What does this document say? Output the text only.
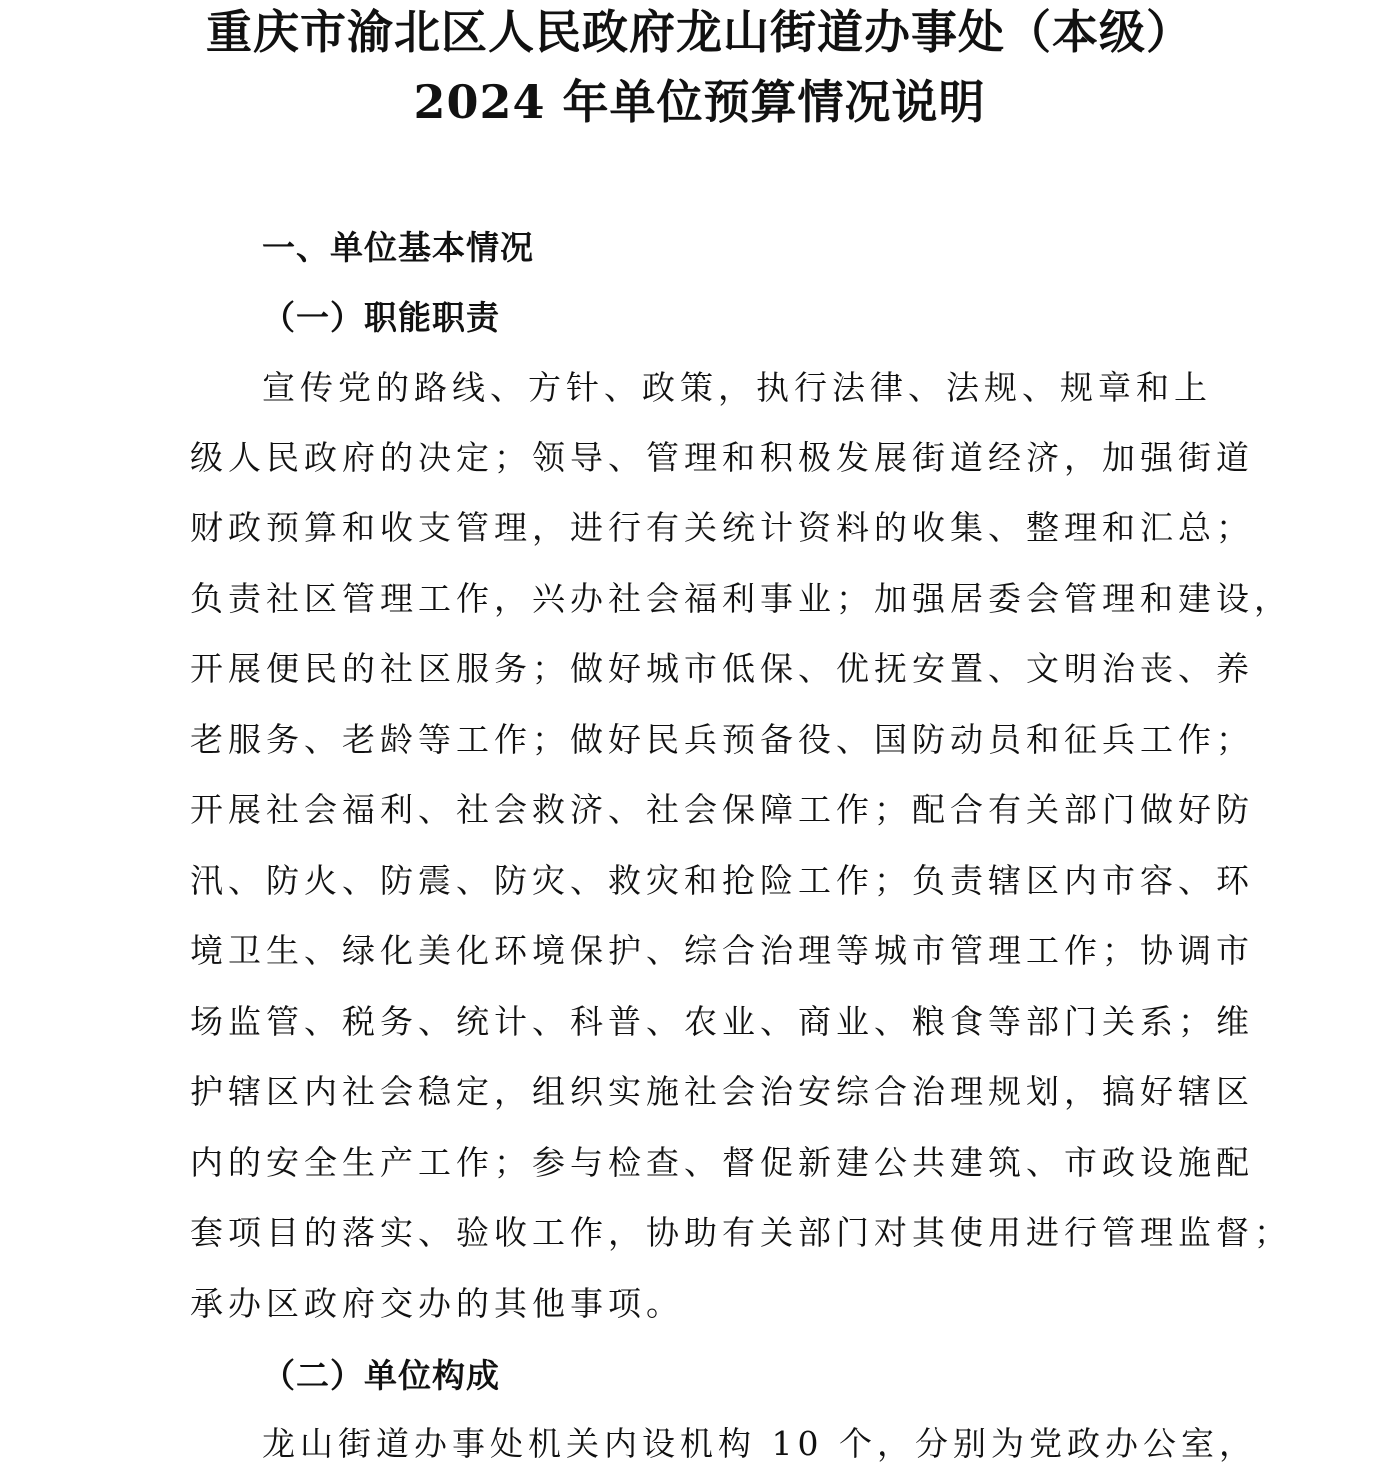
重庆市渝北区人民政府龙山街道办事处（本级）
2024 年单位预算情况说明
一、单位基本情况
（一）职能职责
宣传党的路线、方针、政策，执行法律、法规、规章和上
级人民政府的决定；领导、管理和积极发展街道经济，加强街道
财政预算和收支管理，进行有关统计资料的收集、整理和汇总；
负责社区管理工作，兴办社会福利事业；加强居委会管理和建设，
开展便民的社区服务；做好城市低保、优抚安置、文明治丧、养
老服务、老龄等工作；做好民兵预备役、国防动员和征兵工作；
开展社会福利、社会救济、社会保障工作；配合有关部门做好防
汛、防火、防震、防灾、救灾和抢险工作；负责辖区内市容、环
境卫生、绿化美化环境保护、综合治理等城市管理工作；协调市
场监管、税务、统计、科普、农业、商业、粮食等部门关系；维
护辖区内社会稳定，组织实施社会治安综合治理规划，搞好辖区
内的安全生产工作；参与检查、督促新建公共建筑、市政设施配
套项目的落实、验收工作，协助有关部门对其使用进行管理监督；
承办区政府交办的其他事项。
（二）单位构成
龙山街道办事处机关内设机构 10 个，分别为党政办公室，
